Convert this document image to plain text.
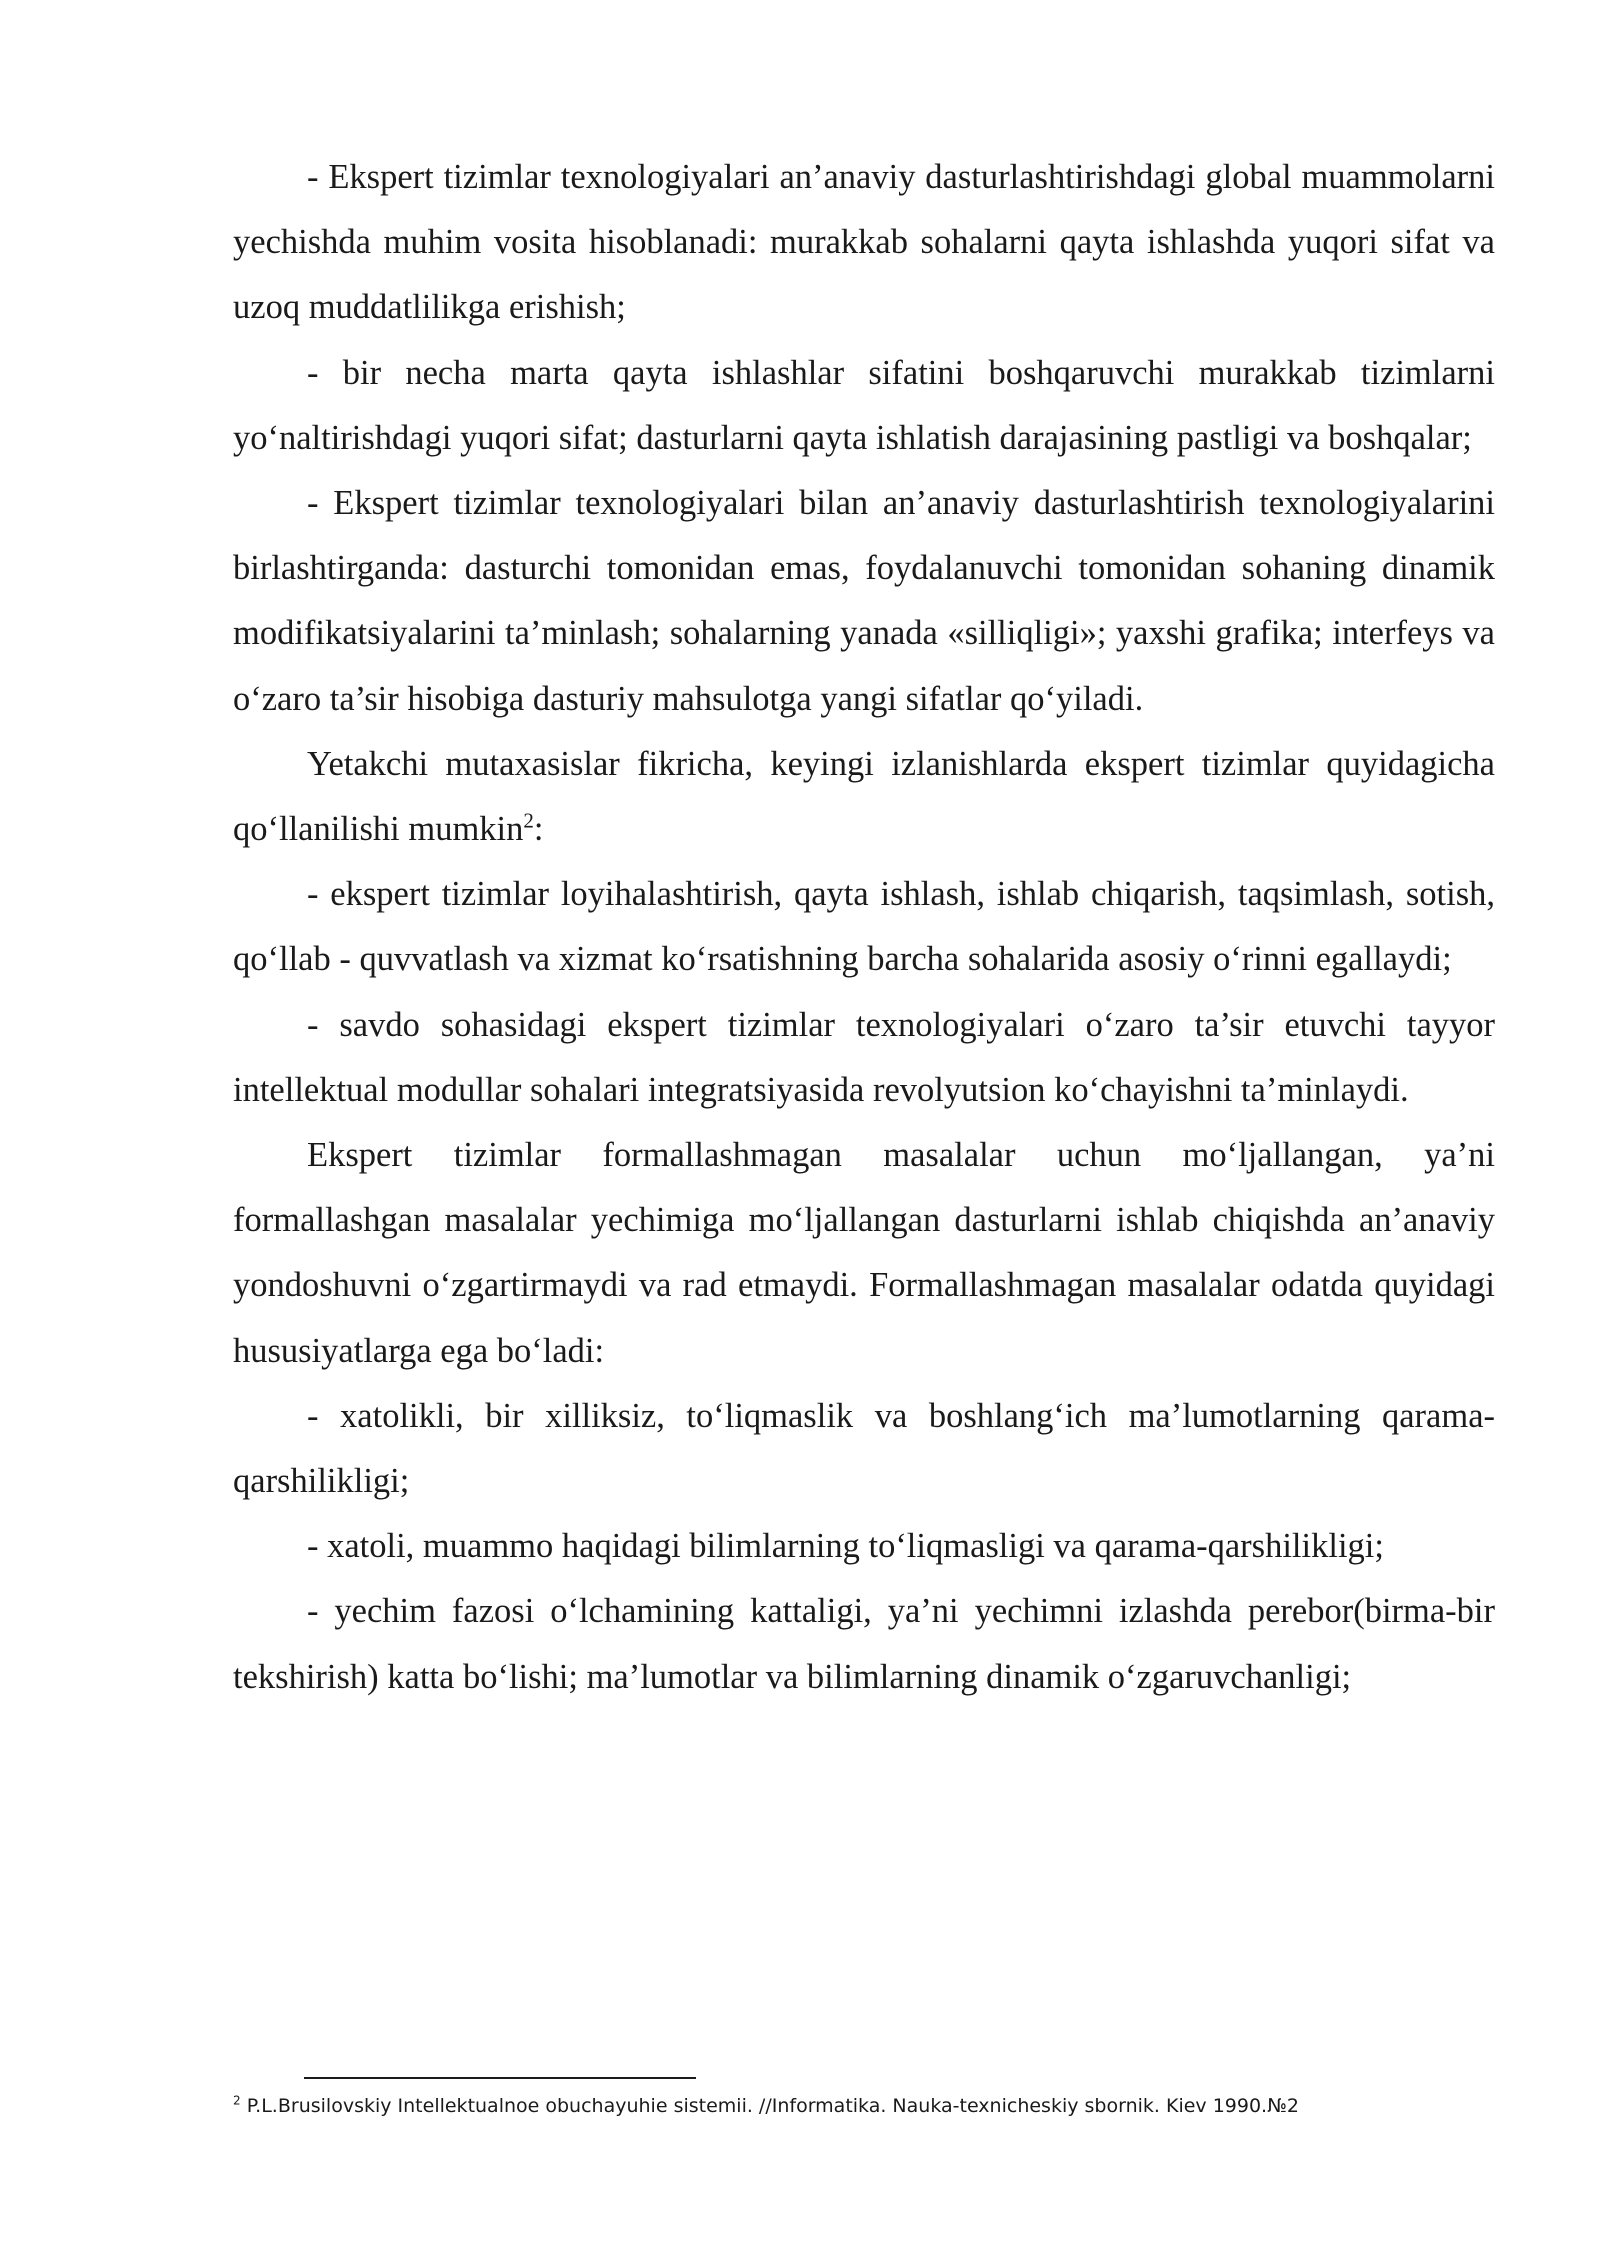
- Ekspert tizimlar texnologiyalari an’anaviy dasturlashtirishdagi global muammolarni yechishda muhim vosita hisoblanadi: murakkab sohalarni qayta ishlashda yuqori sifat va uzoq muddatlilikga erishish;

- bir necha marta qayta ishlashlar sifatini boshqaruvchi murakkab tizimlarni yo‘naltirishdagi yuqori sifat; dasturlarni qayta ishlatish darajasining pastligi va boshqalar;

- Ekspert tizimlar texnologiyalari bilan an’anaviy dasturlashtirish texnologiyalarini birlashtirganda: dasturchi tomonidan emas, foydalanuvchi tomonidan sohaning dinamik modifikatsiyalarini ta’minlash; sohalarning yanada «silliqligi»; yaxshi grafika; interfeys va o‘zaro ta’sir hisobiga dasturiy mahsulotga yangi sifatlar qo‘yiladi.

Yetakchi mutaxasislar fikricha, keyingi izlanishlarda ekspert tizimlar quyidagicha qo‘llanilishi mumkin$^2$:

- ekspert tizimlar loyihalashtirish, qayta ishlash, ishlab chiqarish, taqsimlash, sotish, qo‘llab - quvvatlash va xizmat ko‘rsatishning barcha sohalarida asosiy o‘rinni egallaydi;

- savdo sohasidagi ekspert tizimlar texnologiyalari o‘zaro ta’sir etuvchi tayyor intellektual modullar sohalari integratsiyasida revolyutsion ko‘chayishni ta’minlaydi.

Ekspert tizimlar formallashmagan masalalar uchun mo‘ljallangan, ya’ni formallashgan masalalar yechimiga mo‘ljallangan dasturlarni ishlab chiqishda an’anaviy yondoshuvni o‘zgartirmaydi va rad etmaydi. Formallashmagan masalalar odatda quyidagi hususiyatlarga ega bo‘ladi:

- xatolikli, bir xilliksiz, to‘liqmaslik va boshlang‘ich ma’lumotlarning qarama-qarshilikligi;

- xatoli, muammo haqidagi bilimlarning to‘liqmasligi va qarama-qarshilikligi;

- yechim fazosi o‘lchamining kattaligi, ya’ni yechimni izlashda perebor(birma-bir tekshirish) katta bo‘lishi; ma’lumotlar va bilimlarning dinamik o‘zgaruvchanligi;

$^2$ P.L.Brusilovskiy Intellektualnoe obuchayuhie sistemii. //Informatika. Nauka-texnicheskiy sbornik. Kiev 1990.№2
